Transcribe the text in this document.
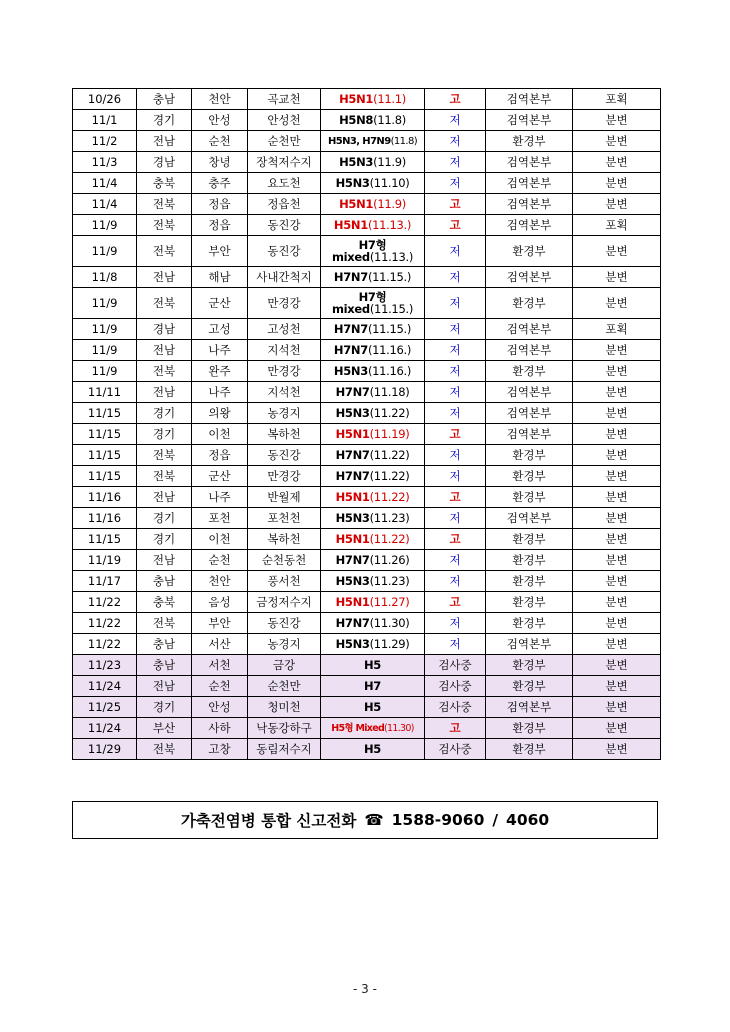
10/26	충남	천안	곡교천	H5N1(11.1)	고	검역본부	포획
11/1	경기	안성	안성천	H5N8(11.8)	저	검역본부	분변
11/2	전남	순천	순천만	H5N3, H7N9(11.8)	저	환경부	분변
11/3	경남	창녕	장척저수지	H5N3(11.9)	저	검역본부	분변
11/4	충북	충주	요도천	H5N3(11.10)	저	검역본부	분변
11/4	전북	정읍	정읍천	H5N1(11.9)	고	검역본부	분변
11/9	전북	정읍	동진강	H5N1(11.13.)	고	검역본부	포획
11/9	전북	부안	동진강	H7형
mixed(11.13.)	저	환경부	분변
11/8	전남	해남	사내간척지	H7N7(11.15.)	저	검역본부	분변
11/9	전북	군산	만경강	H7형
mixed(11.15.)	저	환경부	분변
11/9	경남	고성	고성천	H7N7(11.15.)	저	검역본부	포획
11/9	전남	나주	지석천	H7N7(11.16.)	저	검역본부	분변
11/9	전북	완주	만경강	H5N3(11.16.)	저	환경부	분변
11/11	전남	나주	지석천	H7N7(11.18)	저	검역본부	분변
11/15	경기	의왕	농경지	H5N3(11.22)	저	검역본부	분변
11/15	경기	이천	복하천	H5N1(11.19)	고	검역본부	분변
11/15	전북	정읍	동진강	H7N7(11.22)	저	환경부	분변
11/15	전북	군산	만경강	H7N7(11.22)	저	환경부	분변
11/16	전남	나주	반월제	H5N1(11.22)	고	환경부	분변
11/16	경기	포천	포천천	H5N3(11.23)	저	검역본부	분변
11/15	경기	이천	복하천	H5N1(11.22)	고	환경부	분변
11/19	전남	순천	순천동천	H7N7(11.26)	저	환경부	분변
11/17	충남	천안	풍서천	H5N3(11.23)	저	환경부	분변
11/22	충북	음성	금정저수지	H5N1(11.27)	고	환경부	분변
11/22	전북	부안	동진강	H7N7(11.30)	저	환경부	분변
11/22	충남	서산	농경지	H5N3(11.29)	저	검역본부	분변
11/23	충남	서천	금강	H5	검사중	환경부	분변
11/24	전남	순천	순천만	H7	검사중	환경부	분변
11/25	경기	안성	청미천	H5	검사중	검역본부	분변
11/24	부산	사하	낙동강하구	H5형 Mixed(11.30)	고	환경부	분변
11/29	전북	고창	동림저수지	H5	검사중	환경부	분변
가축전염병 통합 신고전화 ☎ 1588-9060 / 4060
- 3 -
